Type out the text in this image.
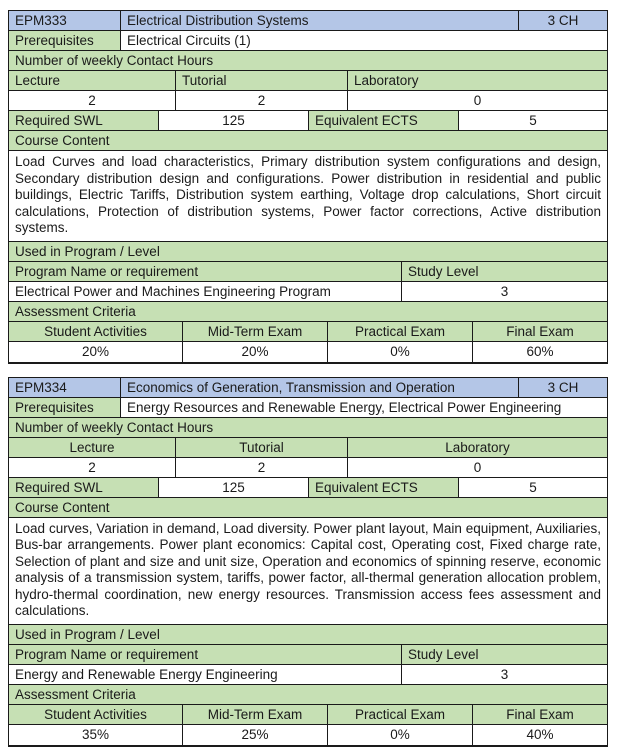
EPM333	Electrical Distribution Systems	3 CH
Prerequisites	Electrical Circuits (1)
Number of weekly Contact Hours
Lecture	Tutorial	Laboratory
2	2	0
Required SWL	125	Equivalent ECTS	5
Course Content
Load Curves and load characteristics, Primary distribution system configurations and design, Secondary distribution design and configurations. Power distribution in residential and public buildings, Electric Tariffs, Distribution system earthing, Voltage drop calculations, Short circuit calculations, Protection of distribution systems, Power factor corrections, Active distribution systems.
Used in Program / Level
Program Name or requirement	Study Level
Electrical Power and Machines Engineering Program	3
Assessment Criteria
Student Activities	Mid-Term Exam	Practical Exam	Final Exam
20%	20%	0%	60%
EPM334	Economics of Generation, Transmission and Operation	3 CH
Prerequisites	Energy Resources and Renewable Energy, Electrical Power Engineering
Number of weekly Contact Hours
Lecture	Tutorial	Laboratory
2	2	0
Required SWL	125	Equivalent ECTS	5
Course Content
Load curves, Variation in demand, Load diversity. Power plant layout, Main equipment, Auxiliaries, Bus-bar arrangements. Power plant economics: Capital cost, Operating cost, Fixed charge rate, Selection of plant and size and unit size, Operation and economics of spinning reserve, economic analysis of a transmission system, tariffs, power factor, all-thermal generation allocation problem, hydro-thermal coordination, new energy resources. Transmission access fees assessment and calculations.
Used in Program / Level
Program Name or requirement	Study Level
Energy and Renewable Energy Engineering	3
Assessment Criteria
Student Activities	Mid-Term Exam	Practical Exam	Final Exam
35%	25%	0%	40%
